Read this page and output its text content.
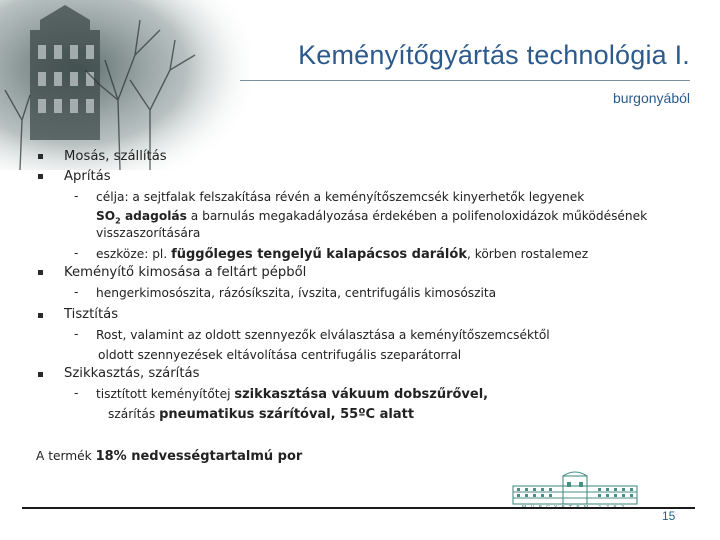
Keményítőgyártás technológia I.
burgonyából
Mosás, szállítás
Aprítás
- célja: a sejtfalak felszakítása révén a keményítőszemcsék kinyerhetők legyenek
$SO_2$ adagolás a barnulás megakadályozása érdekében a polifenoloxidázok működésének
visszaszorítására
- eszköze: pl. függőleges tengelyű kalapácsos darálók, körben rostalemez
Keményítő kimosása a feltárt pépből
- hengerkimosószita, rázósíkszita, ívszita, centrifugális kimosószita
Tisztítás
- Rost, valamint az oldott szennyezők elválasztása a keményítőszemcséktől
oldott szennyezések eltávolítása centrifugális szeparátorral
Szikkasztás, szárítás
- tisztított keményítőtej szikkasztása vákuum dobszűrővel,
szárítás pneumatikus szárítóval, 55ºC alatt
A termék 18% nedvességtartalmú por
15
